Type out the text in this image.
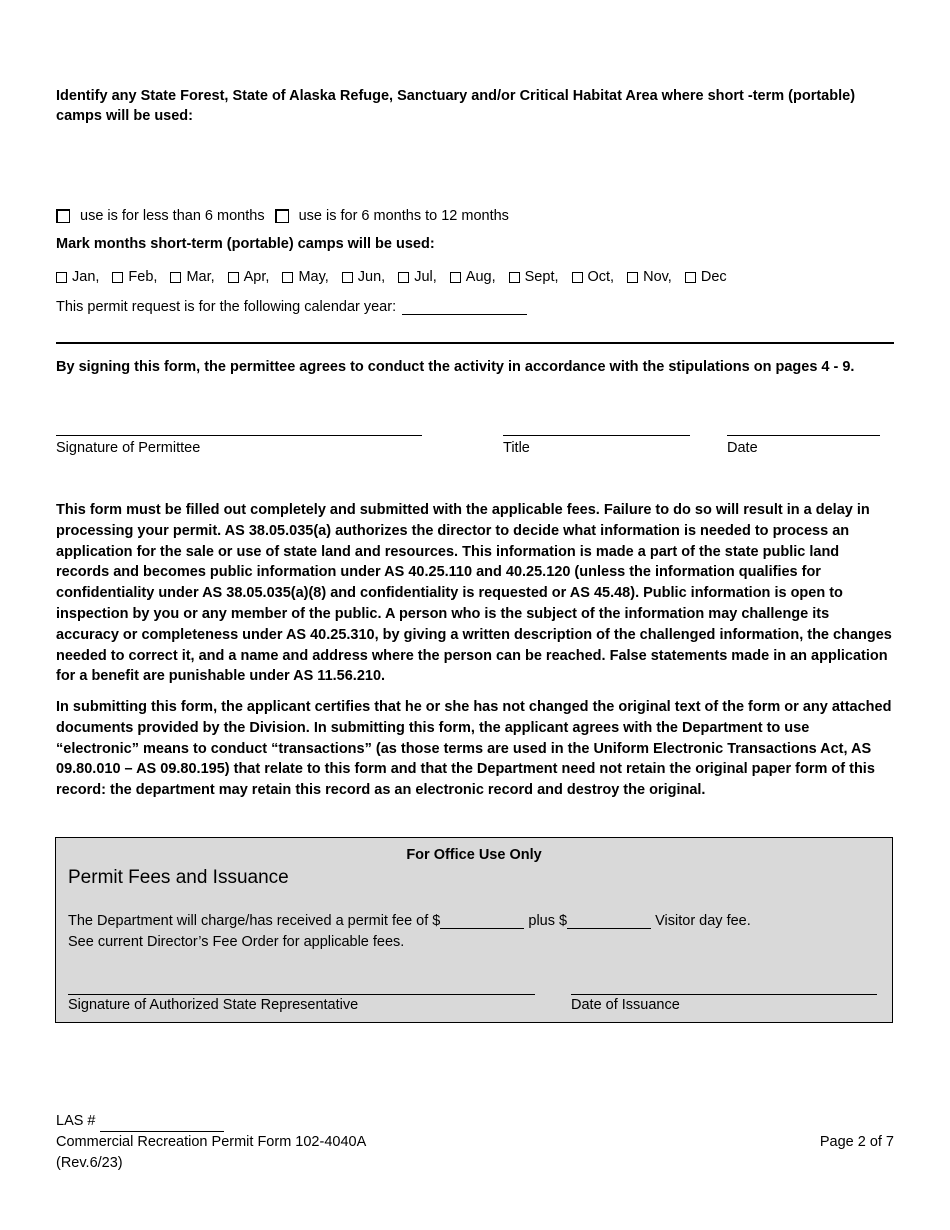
Identify any State Forest, State of Alaska Refuge, Sanctuary and/or Critical Habitat Area where short -term (portable) camps will be used:
use is for less than 6 months use is for 6 months to 12 months
Mark months short-term (portable) camps will be used:
Jan, Feb, Mar, Apr, May, Jun, Jul, Aug, Sept, Oct, Nov, Dec
This permit request is for the following calendar year:
By signing this form, the permittee agrees to conduct the activity in accordance with the stipulations on pages 4 - 9.
Signature of Permittee	Title	Date
This form must be filled out completely and submitted with the applicable fees. Failure to do so will result in a delay in processing your permit. AS 38.05.035(a) authorizes the director to decide what information is needed to process an application for the sale or use of state land and resources. This information is made a part of the state public land records and becomes public information under AS 40.25.110 and 40.25.120 (unless the information qualifies for confidentiality under AS 38.05.035(a)(8) and confidentiality is requested or AS 45.48). Public information is open to inspection by you or any member of the public. A person who is the subject of the information may challenge its accuracy or completeness under AS 40.25.310, by giving a written description of the challenged information, the changes needed to correct it, and a name and address where the person can be reached. False statements made in an application for a benefit are punishable under AS 11.56.210.
In submitting this form, the applicant certifies that he or she has not changed the original text of the form or any attached documents provided by the Division. In submitting this form, the applicant agrees with the Department to use “electronic” means to conduct “transactions” (as those terms are used in the Uniform Electronic Transactions Act, AS 09.80.010 – AS 09.80.195) that relate to this form and that the Department need not retain the original paper form of this record: the department may retain this record as an electronic record and destroy the original.
For Office Use Only
Permit Fees and Issuance
The Department will charge/has received a permit fee of $	plus $	Visitor day fee.
See current Director’s Fee Order for applicable fees.
Signature of Authorized State Representative	Date of Issuance
LAS #
Commercial Recreation Permit Form 102-4040A
(Rev.6/23)
Page 2 of 7
